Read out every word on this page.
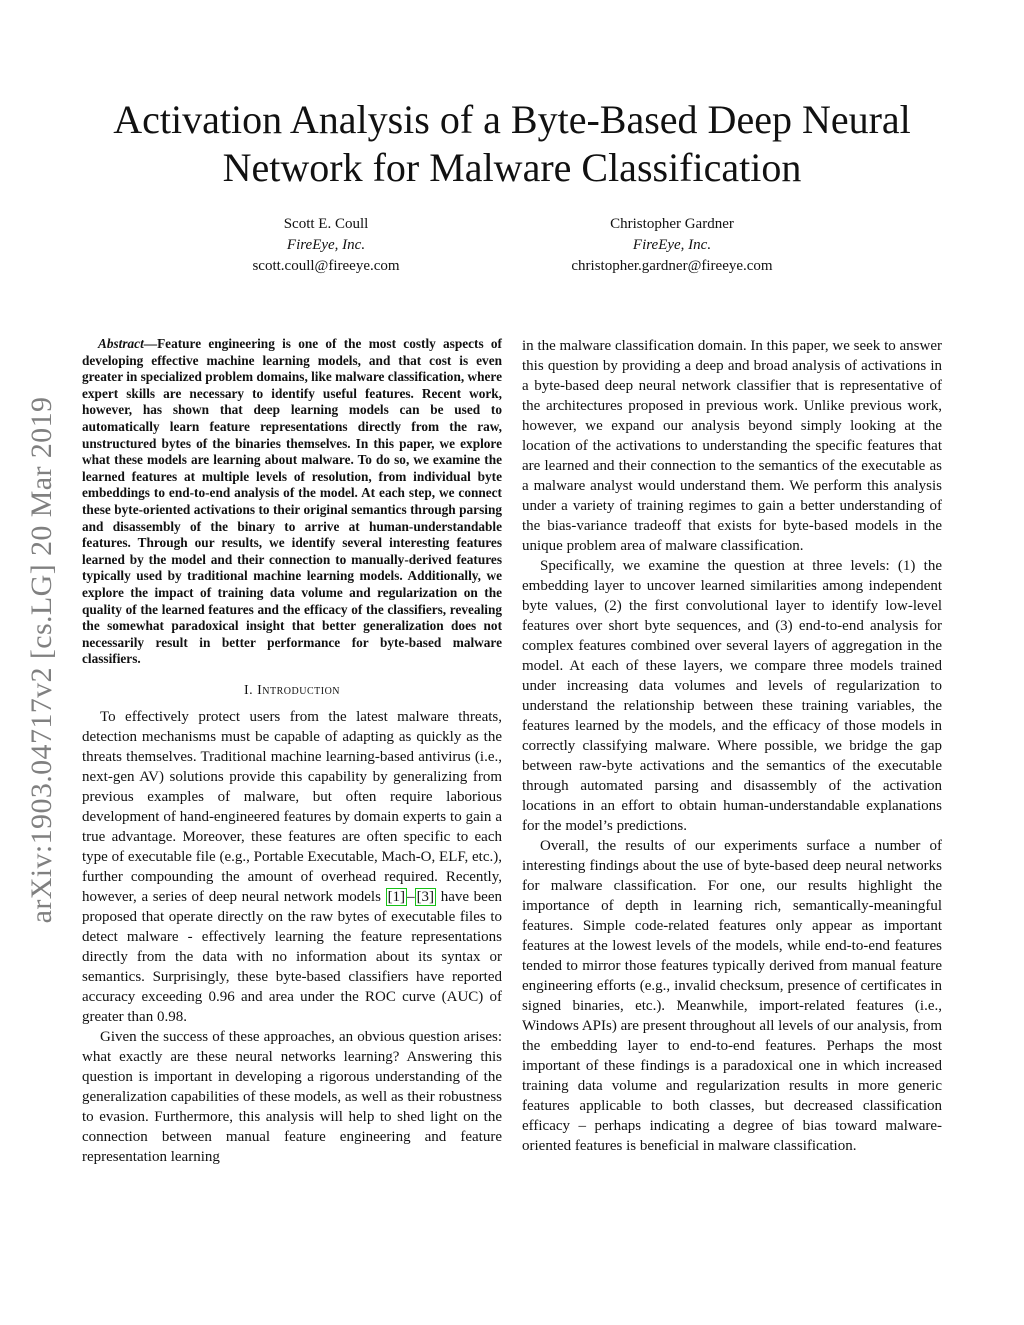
arXiv:1903.04717v2 [cs.LG] 20 Mar 2019
Activation Analysis of a Byte-Based Deep Neural
Network for Malware Classification
Scott E. Coull
FireEye, Inc.
scott.coull@fireeye.com
Christopher Gardner
FireEye, Inc.
christopher.gardner@fireeye.com

Abstract—Feature engineering is one of the most costly aspects of developing effective machine learning models, and that cost is even greater in specialized problem domains, like malware classification, where expert skills are necessary to identify useful features. Recent work, however, has shown that deep learning models can be used to automatically learn feature representations directly from the raw, unstructured bytes of the binaries themselves. In this paper, we explore what these models are learning about malware. To do so, we examine the learned features at multiple levels of resolution, from individual byte embeddings to end-to-end analysis of the model. At each step, we connect these byte-oriented activations to their original semantics through parsing and disassembly of the binary to arrive at human-understandable features. Through our results, we identify several interesting features learned by the model and their connection to manually-derived features typically used by traditional machine learning models. Additionally, we explore the impact of training data volume and regularization on the quality of the learned features and the efficacy of the classifiers, revealing the somewhat paradoxical insight that better generalization does not necessarily result in better performance for byte-based malware classifiers.

I. Introduction

To effectively protect users from the latest malware threats, detection mechanisms must be capable of adapting as quickly as the threats themselves. Traditional machine learning-based antivirus (i.e., next-gen AV) solutions provide this capability by generalizing from previous examples of malware, but often require laborious development of hand-engineered features by domain experts to gain a true advantage. Moreover, these features are often specific to each type of executable file (e.g., Portable Executable, Mach-O, ELF, etc.), further compounding the amount of overhead required. Recently, however, a series of deep neural network models [1] – [3] have been proposed that operate directly on the raw bytes of executable files to detect malware - effectively learning the feature representations directly from the data with no information about its syntax or semantics. Surprisingly, these byte-based classifiers have reported accuracy exceeding 0.96 and area under the ROC curve (AUC) of greater than 0.98.

Given the success of these approaches, an obvious question arises: what exactly are these neural networks learning? Answering this question is important in developing a rigorous understanding of the generalization capabilities of these models, as well as their robustness to evasion. Furthermore, this analysis will help to shed light on the connection between manual feature engineering and feature representation learning

in the malware classification domain. In this paper, we seek to answer this question by providing a deep and broad analysis of activations in a byte-based deep neural network classifier that is representative of the architectures proposed in previous work. Unlike previous work, however, we expand our analysis beyond simply looking at the location of the activations to understanding the specific features that are learned and their connection to the semantics of the executable as a malware analyst would understand them. We perform this analysis under a variety of training regimes to gain a better understanding of the bias-variance tradeoff that exists for byte-based models in the unique problem area of malware classification.

Specifically, we examine the question at three levels: (1) the embedding layer to uncover learned similarities among independent byte values, (2) the first convolutional layer to identify low-level features over short byte sequences, and (3) end-to-end analysis for complex features combined over several layers of aggregation in the model. At each of these layers, we compare three models trained under increasing data volumes and levels of regularization to understand the relationship between these training variables, the features learned by the models, and the efficacy of those models in correctly classifying malware. Where possible, we bridge the gap between raw-byte activations and the semantics of the executable through automated parsing and disassembly of the activation locations in an effort to obtain human-understandable explanations for the model’s predictions.

Overall, the results of our experiments surface a number of interesting findings about the use of byte-based deep neural networks for malware classification. For one, our results highlight the importance of depth in learning rich, semantically-meaningful features. Simple code-related features only appear as important features at the lowest levels of the models, while end-to-end features tended to mirror those features typically derived from manual feature engineering efforts (e.g., invalid checksum, presence of certificates in signed binaries, etc.). Meanwhile, import-related features (i.e., Windows APIs) are present throughout all levels of our analysis, from the embedding layer to end-to-end features. Perhaps the most important of these findings is a paradoxical one in which increased training data volume and regularization results in more generic features applicable to both classes, but decreased classification efficacy – perhaps indicating a degree of bias toward malware-oriented features is beneficial in malware classification.
